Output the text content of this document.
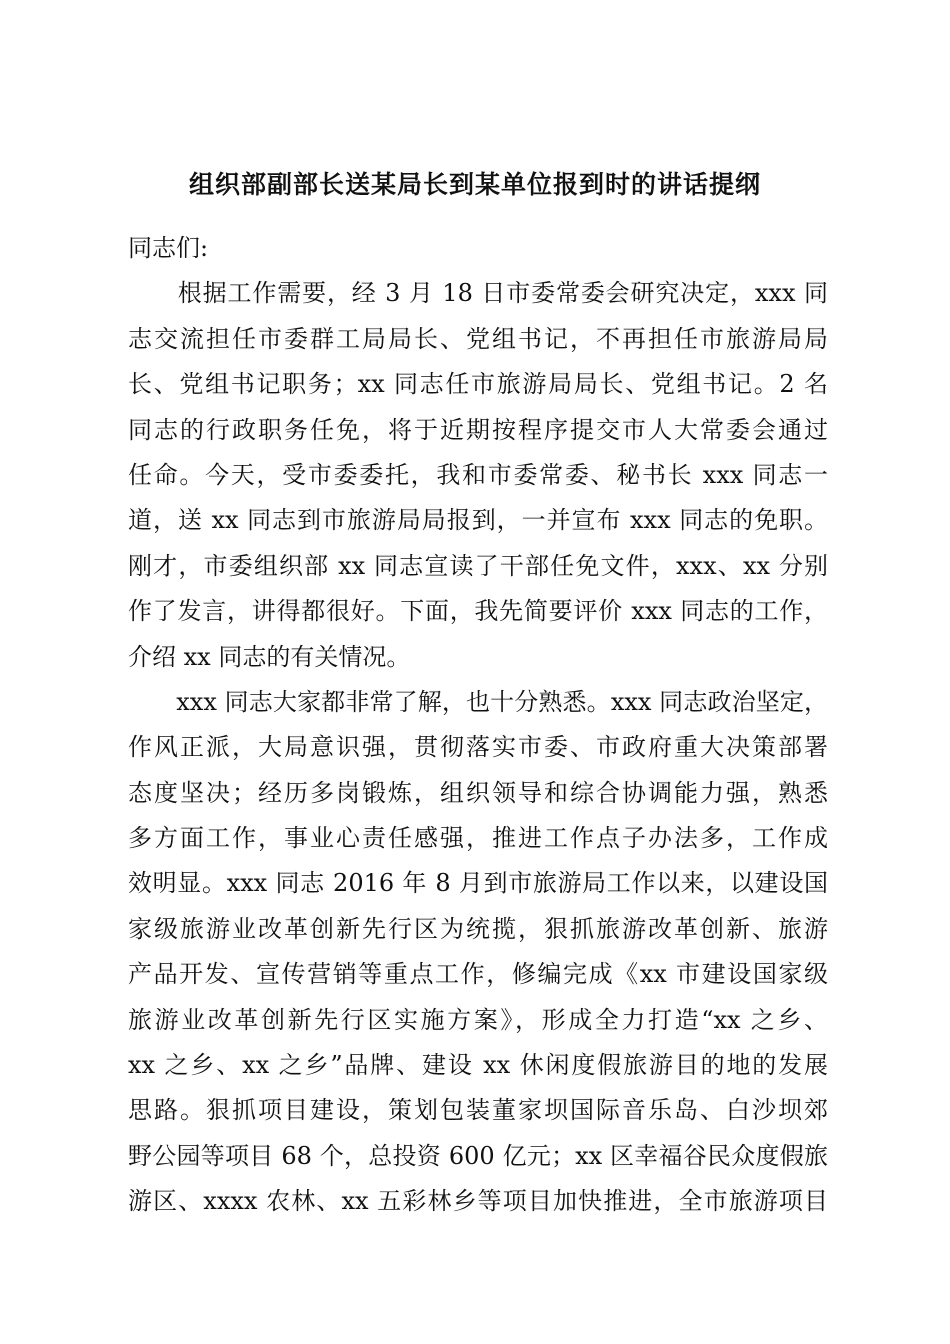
组织部副部长送某局长到某单位报到时的讲话提纲
同志们:
　　根据工作需要，经 3 月 18 日市委常委会研究决定，xxx 同
志交流担任市委群工局局长、党组书记，不再担任市旅游局局
长、党组书记职务；xx 同志任市旅游局局长、党组书记。2 名
同志的行政职务任免，将于近期按程序提交市人大常委会通过
任命。今天，受市委委托，我和市委常委、秘书长 xxx 同志一
道，送 xx 同志到市旅游局局报到，一并宣布 xxx 同志的免职。
刚才，市委组织部 xx 同志宣读了干部任免文件，xxx、xx 分别
作了发言，讲得都很好。下面，我先简要评价 xxx 同志的工作，
介绍 xx 同志的有关情况。
　　xxx 同志大家都非常了解，也十分熟悉。xxx 同志政治坚定，
作风正派，大局意识强，贯彻落实市委、市政府重大决策部署
态度坚决；经历多岗锻炼，组织领导和综合协调能力强，熟悉
多方面工作，事业心责任感强，推进工作点子办法多，工作成
效明显。xxx 同志 2016 年 8 月到市旅游局工作以来，以建设国
家级旅游业改革创新先行区为统揽，狠抓旅游改革创新、旅游
产品开发、宣传营销等重点工作，修编完成《xx 市建设国家级
旅游业改革创新先行区实施方案》，形成全力打造“xx 之乡、
xx 之乡、xx 之乡”品牌、建设 xx 休闲度假旅游目的地的发展
思路。狠抓项目建设，策划包装董家坝国际音乐岛、白沙坝郊
野公园等项目 68 个，总投资 600 亿元；xx 区幸福谷民众度假旅
游区、xxxx 农林、xx 五彩林乡等项目加快推进，全市旅游项目
